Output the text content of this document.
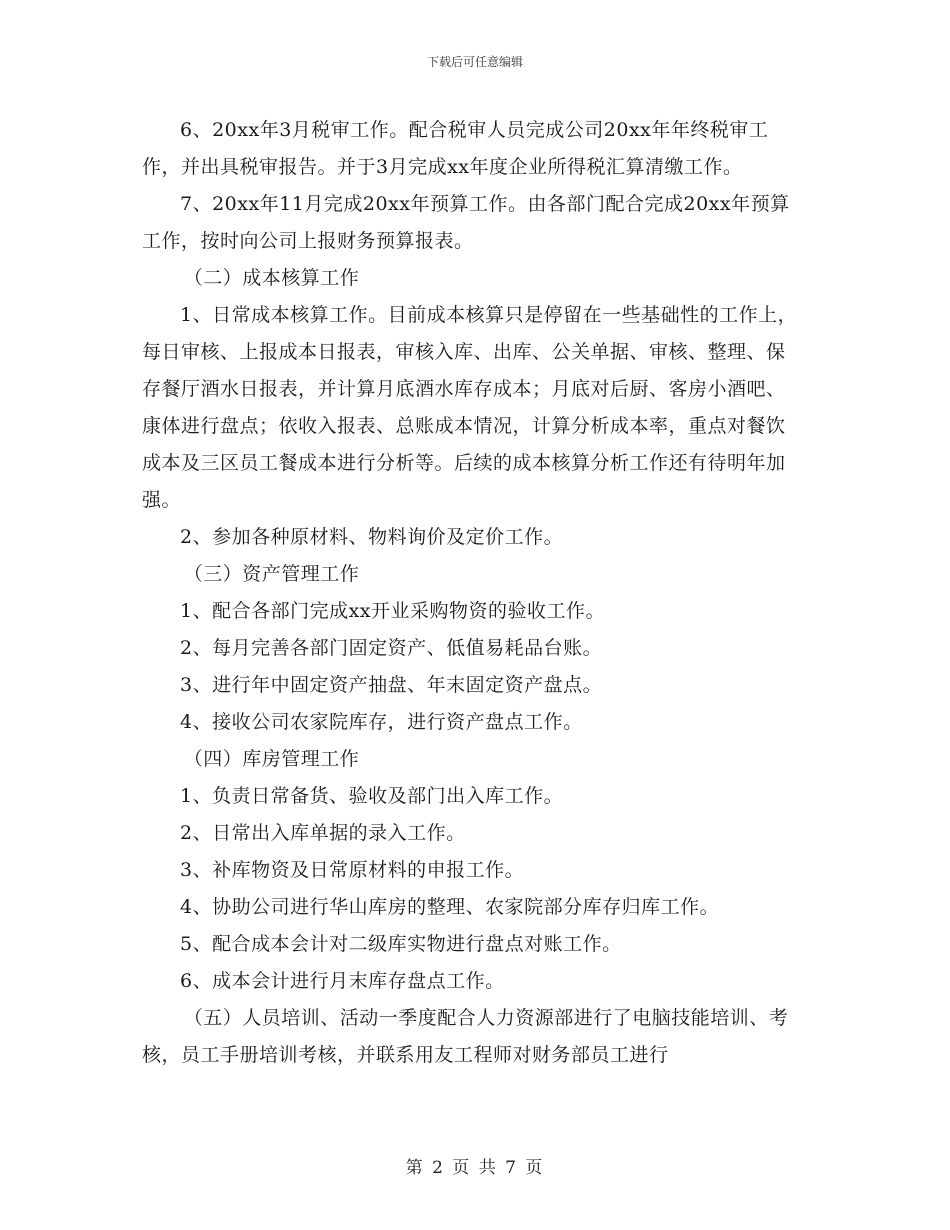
下载后可任意编辑

6、20xx年3月税审工作。配合税审人员完成公司20xx年年终税审工作，并出具税审报告。并于3月完成xx年度企业所得税汇算清缴工作。

7、20xx年11月完成20xx年预算工作。由各部门配合完成20xx年预算工作，按时向公司上报财务预算报表。

（二）成本核算工作

1、日常成本核算工作。目前成本核算只是停留在一些基础性的工作上，每日审核、上报成本日报表，审核入库、出库、公关单据、审核、整理、保存餐厅酒水日报表，并计算月底酒水库存成本；月底对后厨、客房小酒吧、康体进行盘点；依收入报表、总账成本情况，计算分析成本率，重点对餐饮成本及三区员工餐成本进行分析等。后续的成本核算分析工作还有待明年加强。

2、参加各种原材料、物料询价及定价工作。

（三）资产管理工作

1、配合各部门完成xx开业采购物资的验收工作。

2、每月完善各部门固定资产、低值易耗品台账。

3、进行年中固定资产抽盘、年末固定资产盘点。

4、接收公司农家院库存，进行资产盘点工作。

（四）库房管理工作

1、负责日常备货、验收及部门出入库工作。

2、日常出入库单据的录入工作。

3、补库物资及日常原材料的申报工作。

4、协助公司进行华山库房的整理、农家院部分库存归库工作。

5、配合成本会计对二级库实物进行盘点对账工作。

6、成本会计进行月末库存盘点工作。

（五）人员培训、活动一季度配合人力资源部进行了电脑技能培训、考核，员工手册培训考核，并联系用友工程师对财务部员工进行

第 2 页 共 7 页
